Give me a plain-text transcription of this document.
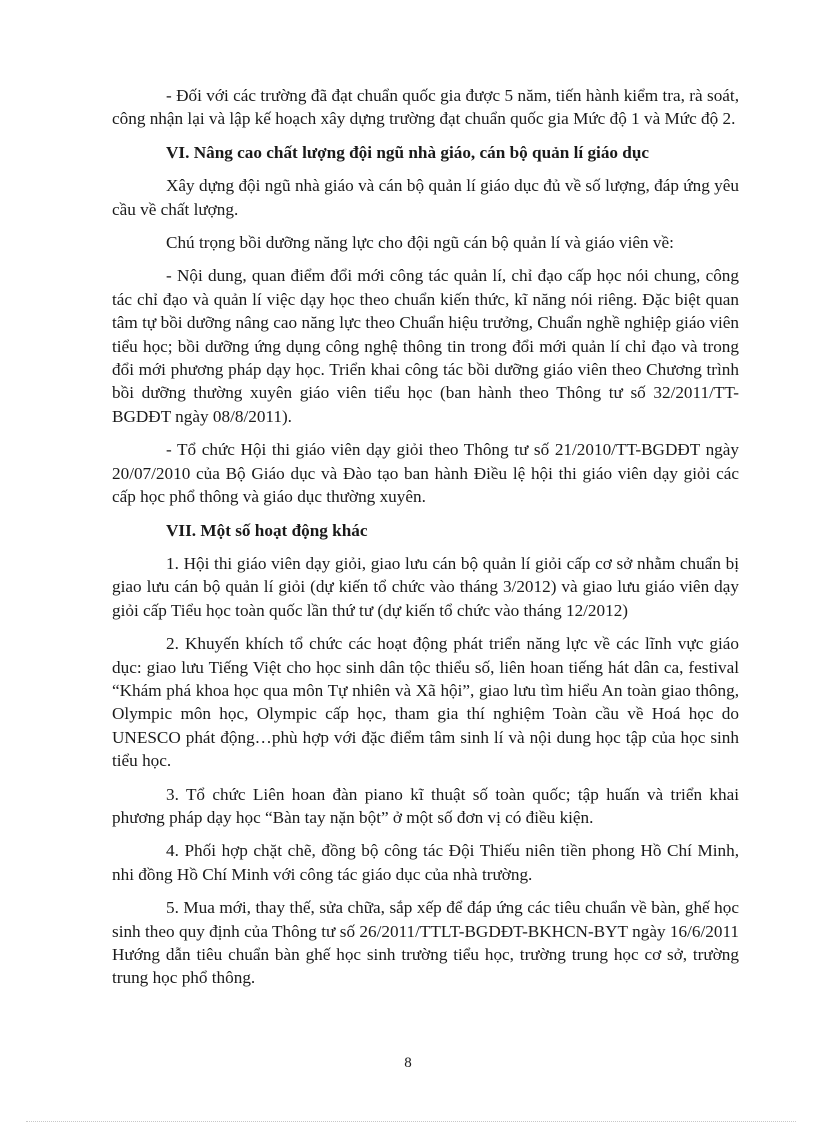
- Đối với các trường đã đạt chuẩn quốc gia được 5 năm, tiến hành kiểm tra, rà soát, công nhận lại và lập kế hoạch xây dựng trường đạt chuẩn quốc gia Mức độ 1 và Mức độ 2.

VI. Nâng cao chất lượng đội ngũ nhà giáo, cán bộ quản lí giáo dục

Xây dựng đội ngũ nhà giáo và cán bộ quản lí giáo dục đủ về số lượng, đáp ứng yêu cầu về chất lượng.

Chú trọng bồi dưỡng năng lực cho đội ngũ cán bộ quản lí và giáo viên về:

- Nội dung, quan điểm đổi mới công tác quản lí, chỉ đạo cấp học nói chung, công tác chỉ đạo và quản lí việc dạy học theo chuẩn kiến thức, kĩ năng nói riêng. Đặc biệt quan tâm tự bồi dưỡng nâng cao năng lực theo Chuẩn hiệu trưởng, Chuẩn nghề nghiệp giáo viên tiểu học; bồi dưỡng ứng dụng công nghệ thông tin trong đổi mới quản lí chỉ đạo và trong đổi mới phương pháp dạy học. Triển khai công tác bồi dưỡng giáo viên theo Chương trình bồi dưỡng thường xuyên giáo viên tiểu học (ban hành theo Thông tư số 32/2011/TT-BGDĐT ngày 08/8/2011).

- Tổ chức Hội thi giáo viên dạy giỏi theo Thông tư số 21/2010/TT-BGDĐT ngày 20/07/2010 của Bộ Giáo dục và Đào tạo ban hành Điều lệ hội thi giáo viên dạy giỏi các cấp học phổ thông và giáo dục thường xuyên.

VII. Một số hoạt động khác

1. Hội thi giáo viên dạy giỏi, giao lưu cán bộ quản lí giỏi cấp cơ sở nhằm chuẩn bị giao lưu cán bộ quản lí giỏi (dự kiến tổ chức vào tháng 3/2012) và giao lưu giáo viên dạy giỏi cấp Tiểu học toàn quốc lần thứ tư (dự kiến tổ chức vào tháng 12/2012)

2. Khuyến khích tổ chức các hoạt động phát triển năng lực về các lĩnh vực giáo dục: giao lưu Tiếng Việt cho học sinh dân tộc thiểu số, liên hoan tiếng hát dân ca, festival “Khám phá khoa học qua môn Tự nhiên và Xã hội”, giao lưu tìm hiểu An toàn giao thông, Olympic môn học, Olympic cấp học, tham gia thí nghiệm Toàn cầu về Hoá học do UNESCO phát động…phù hợp với đặc điểm tâm sinh lí và nội dung học tập của học sinh tiểu học.

3. Tổ chức Liên hoan đàn piano kĩ thuật số toàn quốc; tập huấn và triển khai phương pháp dạy học “Bàn tay nặn bột” ở một số đơn vị có điều kiện.

4. Phối hợp chặt chẽ, đồng bộ công tác Đội Thiếu niên tiền phong Hồ Chí Minh, nhi đồng Hồ Chí Minh với công tác giáo dục của nhà trường.

5. Mua mới, thay thế, sửa chữa, sắp xếp để đáp ứng các tiêu chuẩn về bàn, ghế học sinh theo quy định của Thông tư số 26/2011/TTLT-BGDĐT-BKHCN-BYT ngày 16/6/2011 Hướng dẫn tiêu chuẩn bàn ghế học sinh trường tiểu học, trường trung học cơ sở, trường trung học phổ thông.

8
